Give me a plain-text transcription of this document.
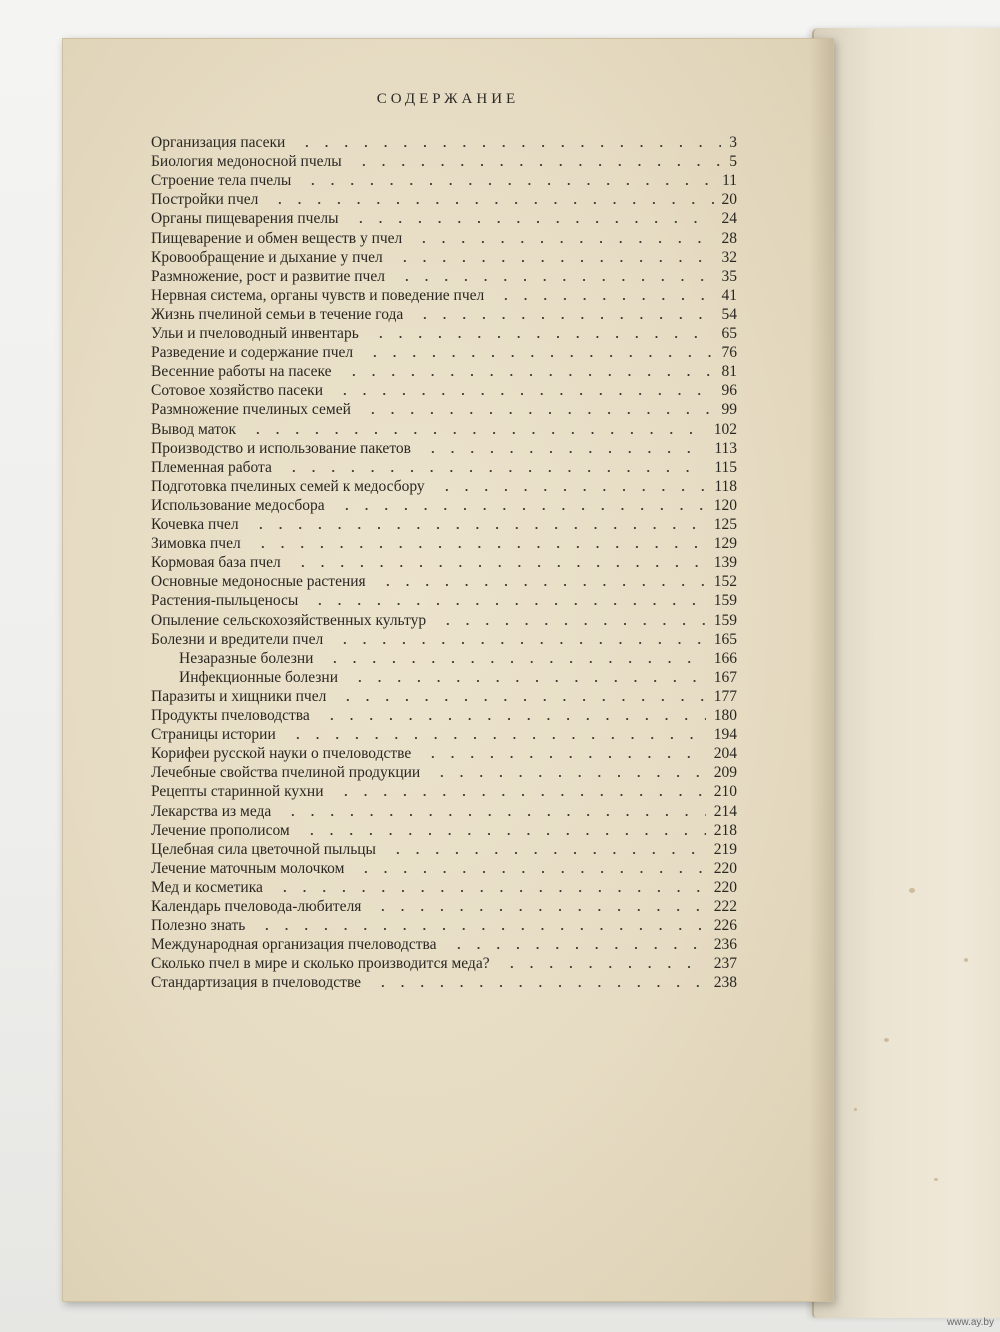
СОДЕРЖАНИЕ
Организация пасеки	3
Биология медоносной пчелы	5
Строение тела пчелы	11
Постройки пчел	20
Органы пищеварения пчелы	24
Пищеварение и обмен веществ у пчел	28
Кровообращение и дыхание у пчел	32
Размножение, рост и развитие пчел	35
Нервная система, органы чувств и поведение пчел	41
Жизнь пчелиной семьи в течение года	54
Ульи и пчеловодный инвентарь	65
Разведение и содержание пчел	76
Весенние работы на пасеке	81
Сотовое хозяйство пасеки	96
Размножение пчелиных семей	99
Вывод маток	102
Производство и использование пакетов	113
Племенная работа	115
Подготовка пчелиных семей к медосбору	118
Использование медосбора	120
Кочевка пчел	125
Зимовка пчел	129
Кормовая база пчел	139
Основные медоносные растения	152
Растения-пыльценосы	159
Опыление сельскохозяйственных культур	159
Болезни и вредители пчел	165
Незаразные болезни	166
Инфекционные болезни	167
Паразиты и хищники пчел	177
Продукты пчеловодства	180
Страницы истории	194
Корифеи русской науки о пчеловодстве	204
Лечебные свойства пчелиной продукции	209
Рецепты старинной кухни	210
Лекарства из меда	214
Лечение прополисом	218
Целебная сила цветочной пыльцы	219
Лечение маточным молочком	220
Мед и косметика	220
Календарь пчеловода-любителя	222
Полезно знать	226
Международная организация пчеловодства	236
Сколько пчел в мире и сколько производится меда?	237
Стандартизация в пчеловодстве	238
www.ay.by
